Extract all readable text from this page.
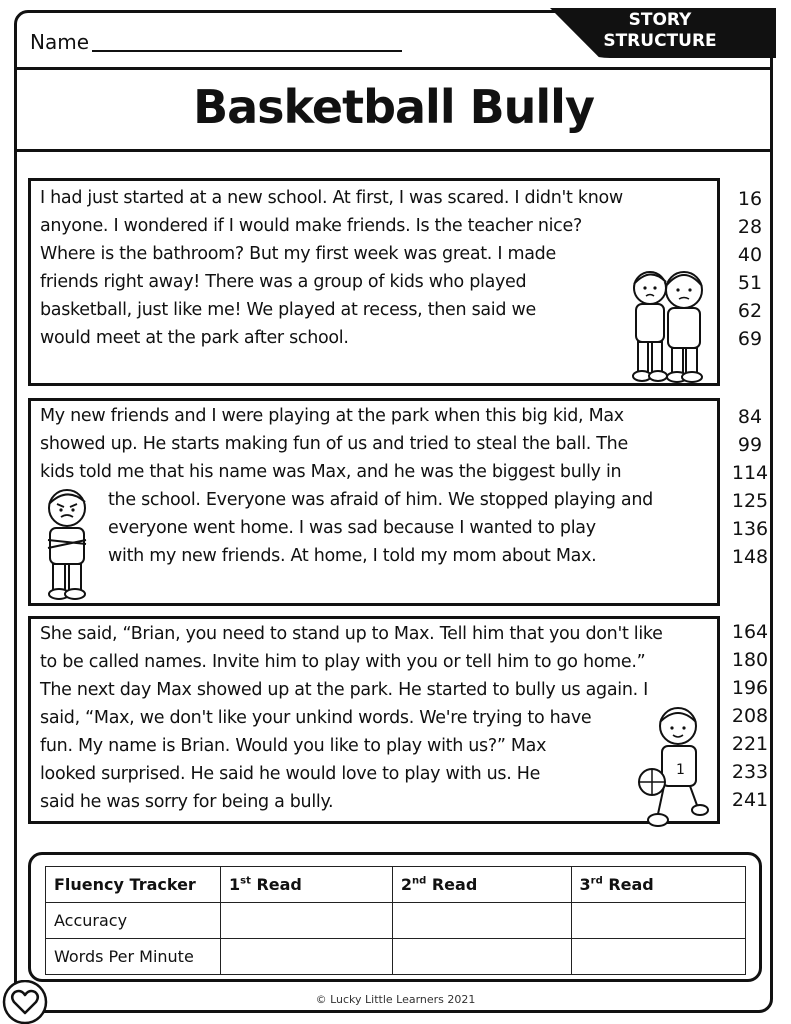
Name
STORY
STRUCTURE
Basketball Bully
I had just started at a new school. At first, I was scared. I didn't know
anyone. I wondered if I would make friends. Is the teacher nice?
Where is the bathroom? But my first week was great. I made
friends right away! There was a group of kids who played
basketball, just like me! We played at recess, then said we
would meet at the park after school.
16
28
40
51
62
69
My new friends and I were playing at the park when this big kid, Max
showed up. He starts making fun of us and tried to steal the ball. The
kids told me that his name was Max, and he was the biggest bully in
the school. Everyone was afraid of him. We stopped playing and
everyone went home. I was sad because I wanted to play
with my new friends. At home, I told my mom about Max.
84
99
114
125
136
148
She said, “Brian, you need to stand up to Max. Tell him that you don't like
to be called names. Invite him to play with you or tell him to go home.”
The next day Max showed up at the park. He started to bully us again. I
said, “Max, we don't like your unkind words. We're trying to have
fun. My name is Brian. Would you like to play with us?” Max
looked surprised. He said he would love to play with us. He
said he was sorry for being a bully.
164
180
196
208
221
233
241
1
Fluency Tracker	1st Read	2nd Read	3rd Read
Accuracy			
Words Per Minute			
© Lucky Little Learners 2021
